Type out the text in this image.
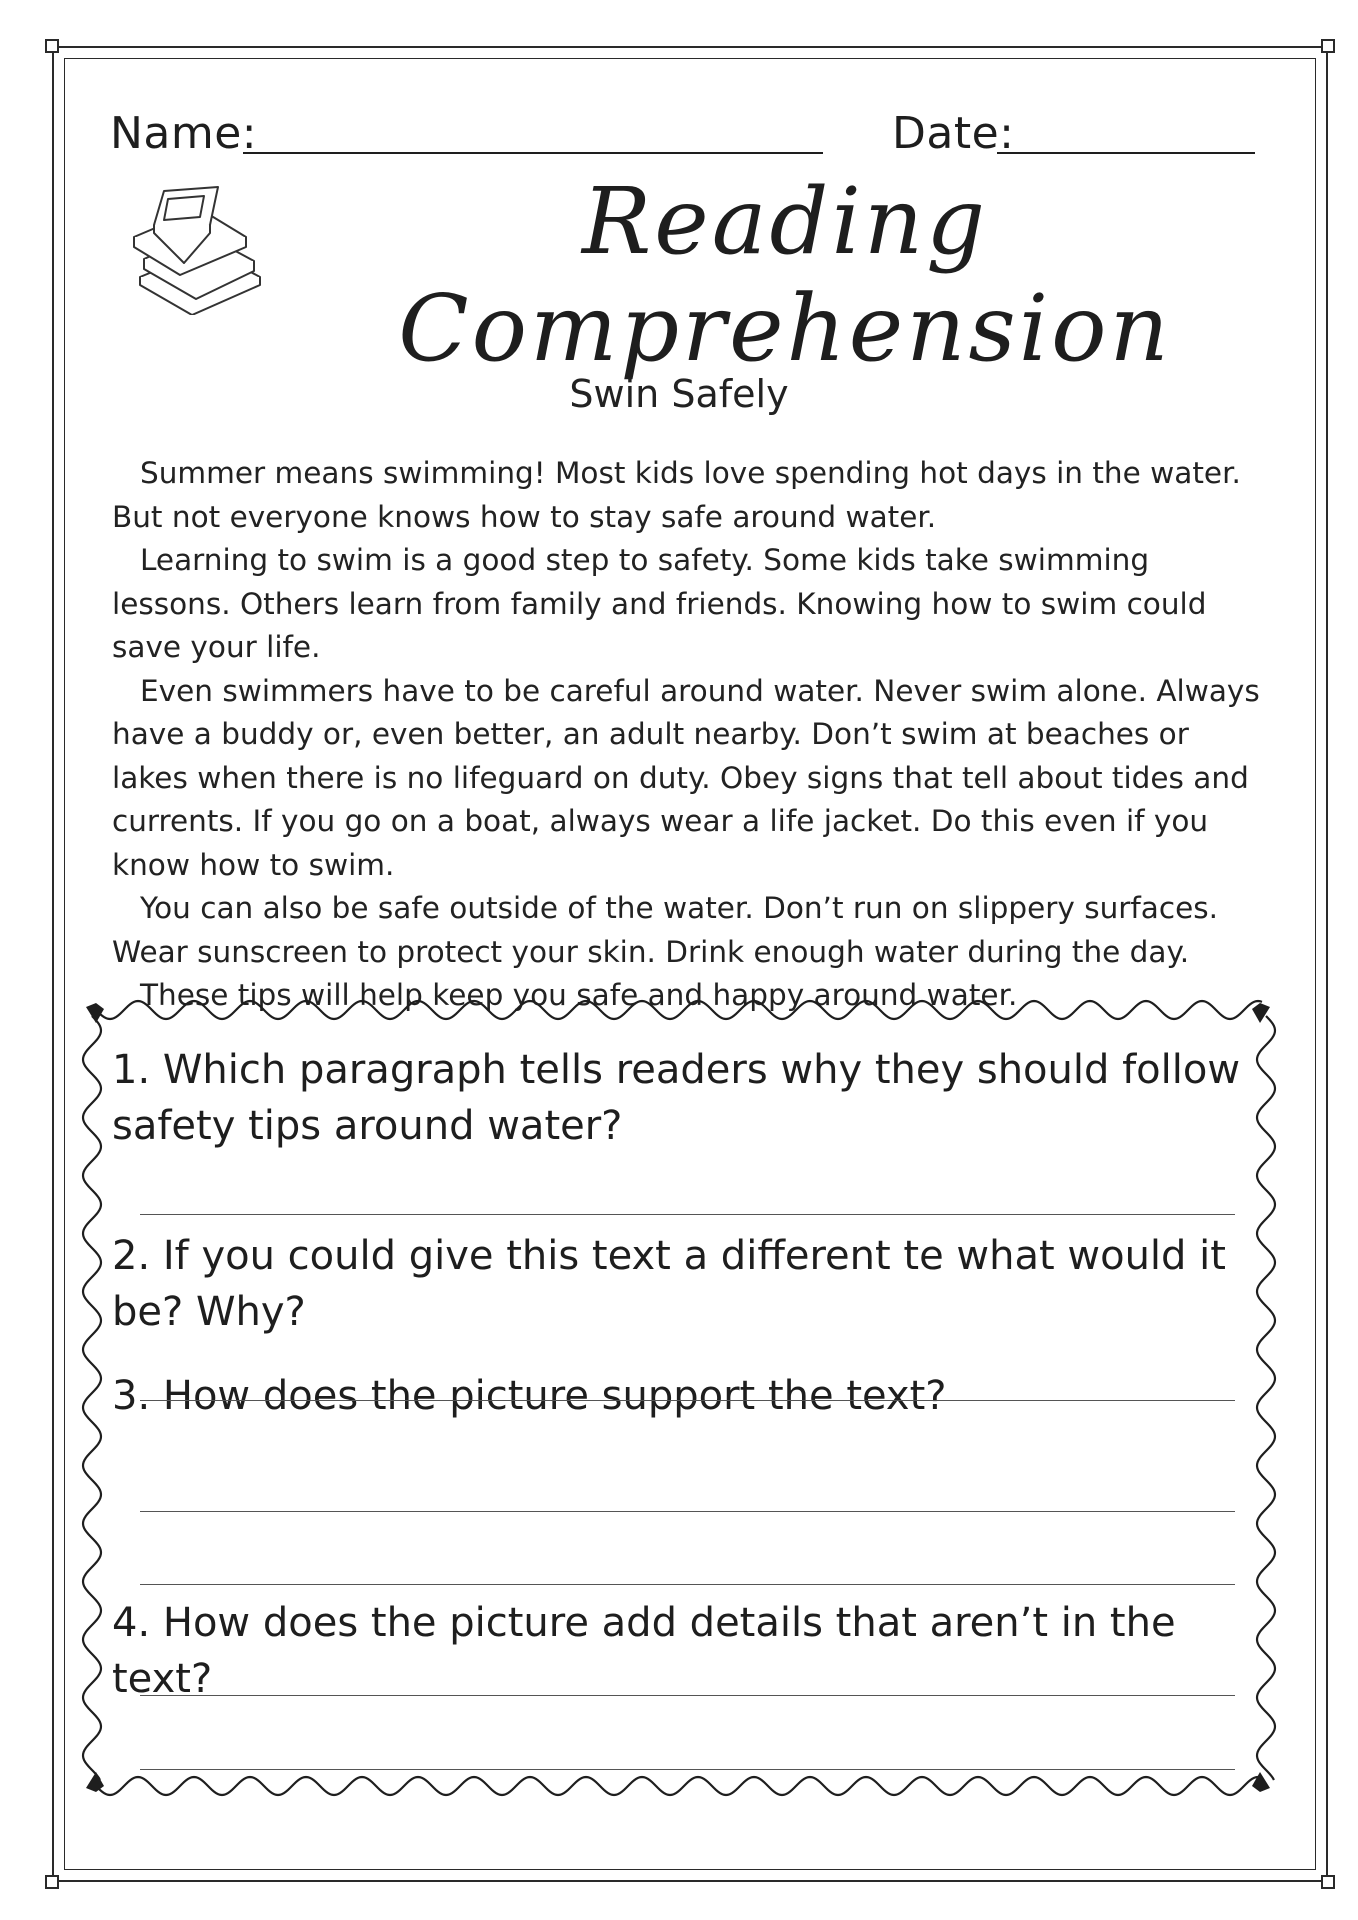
Name:	Date:
Reading Comprehension
Swin Safely

Summer means swimming! Most kids love spending hot days in the water. But not everyone knows how to stay safe around water.

Learning to swim is a good step to safety. Some kids take swimming lessons. Others learn from family and friends. Knowing how to swim could save your life.

Even swimmers have to be careful around water. Never swim alone. Always have a buddy or, even better, an adult nearby. Don’t swim at beaches or lakes when there is no lifeguard on duty. Obey signs that tell about tides and currents. If you go on a boat, always wear a life jacket. Do this even if you know how to swim.

You can also be safe outside of the water. Don’t run on slippery surfaces. Wear sunscreen to protect your skin. Drink enough water during the day.

These tips will help keep you safe and happy around water.

1. Which paragraph tells readers why they should follow safety tips around water?
2. If you could give this text a different te what would it be? Why?
3. How does the picture support the text?
4. How does the picture add details that aren’t in the text?
